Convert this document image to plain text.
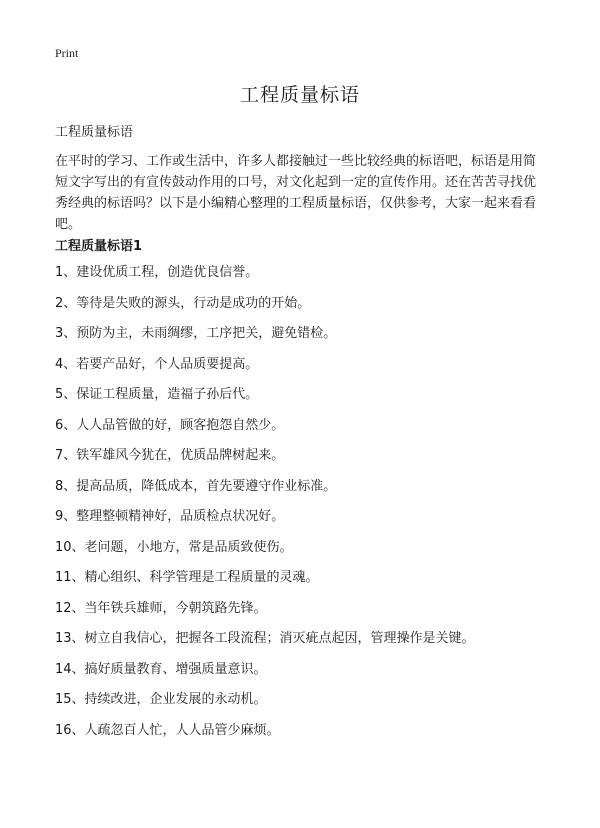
Print
工程质量标语
工程质量标语

在平时的学习、工作或生活中，许多人都接触过一些比较经典的标语吧，标语是用简短文字写出的有宣传鼓动作用的口号，对文化起到一定的宣传作用。还在苦苦寻找优秀经典的标语吗？以下是小编精心整理的工程质量标语，仅供参考，大家一起来看看吧。

工程质量标语1
1、建设优质工程，创造优良信誉。
2、等待是失败的源头，行动是成功的开始。
3、预防为主，未雨绸缪，工序把关，避免错检。
4、若要产品好，个人品质要提高。
5、保证工程质量，造福子孙后代。
6、人人品管做的好，顾客抱怨自然少。
7、铁军雄风今犹在，优质品牌树起来。
8、提高品质，降低成本，首先要遵守作业标准。
9、整理整顿精神好，品质检点状况好。
10、老问题，小地方，常是品质致使伤。
11、精心组织、科学管理是工程质量的灵魂。
12、当年铁兵雄师，今朝筑路先锋。
13、树立自我信心，把握各工段流程；消灭疵点起因，管理操作是关键。
14、搞好质量教育、增强质量意识。
15、持续改进，企业发展的永动机。
16、人疏忽百人忙，人人品管少麻烦。
